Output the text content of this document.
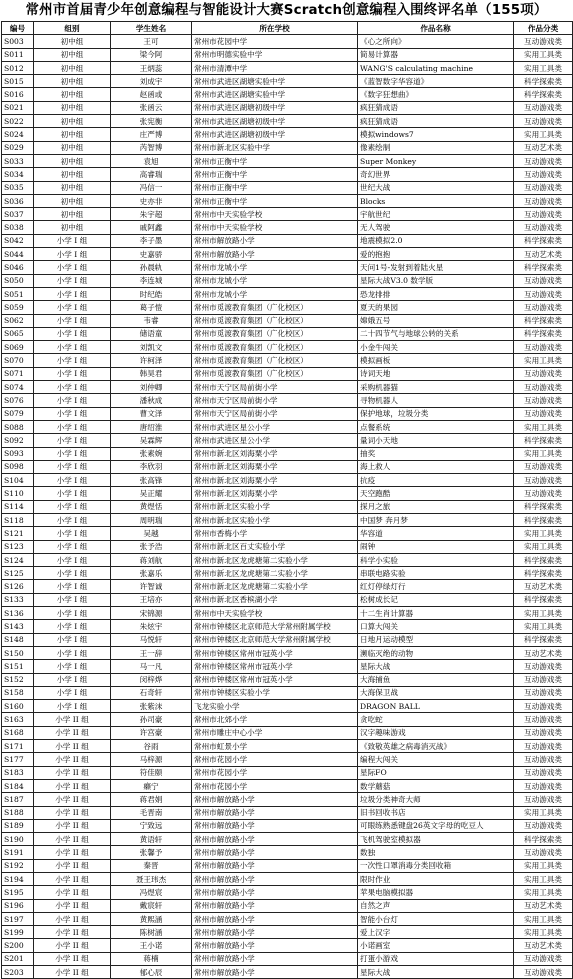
常州市首届青少年创意编程与智能设计大赛Scratch创意编程入围终评名单（155项）
编号	组别	学生姓名	所在学校	作品名称	作品分类
S003	初中组	王可	常州市花园中学	《心之所向》	互动游戏类
S011	初中组	梁今阿	常州市明德实验中学	简易计算器	实用工具类
S012	初中组	王炳蕊	常州市清潭中学	WANG'S calculating machine	实用工具类
S015	初中组	刘成宇	常州市武进区湖塘实验中学	《蓝智数字华容道》	科学探索类
S016	初中组	赵函或	常州市武进区湖塘实验中学	《数字狂想曲》	科学探索类
S021	初中组	张函云	常州市武进区湖塘初级中学	疯狂猜成语	互动游戏类
S022	初中组	张宪衡	常州市武进区湖塘初级中学	疯狂猜成语	互动游戏类
S024	初中组	庄严博	常州市武进区湖塘初级中学	模拟windows7	实用工具类
S029	初中组	芮智博	常州市新北区实验中学	像素绘制	互动艺术类
S033	初中组	袁旭	常州市正衡中学	Super Monkey	互动游戏类
S034	初中组	高睿瑞	常州市正衡中学	奇幻世界	互动游戏类
S035	初中组	冯信一	常州市正衡中学	世纪大战	互动游戏类
S036	初中组	史亦非	常州市正衡中学	Blocks	互动游戏类
S037	初中组	朱宇超	常州市中天实验学校	宇航世纪	互动游戏类
S038	初中组	戚阿鑫	常州市中天实验学校	无人驾驶	互动游戏类
S042	小学 I 组	李子墨	常州市解放路小学	地震模拟2.0	科学探索类
S044	小学 I 组	史嘉骄	常州市解放路小学	爱的抱抱	互动艺术类
S046	小学 I 组	孙晨轨	常州市龙城小学	天问1号-发射到着陆火星	科学探索类
S050	小学 I 组	李连城	常州市龙城小学	星际大战V3.0 数学版	互动游戏类
S051	小学 I 组	时纪皓	常州市龙城小学	恐龙排排	互动游戏类
S059	小学 I 组	葛子愷	常州市觅渡教育集团（广化校区）	夏天的果园	互动游戏类
S062	小学 I 组	韦睿	常州市觅渡教育集团（广化校区）	嫦娥五号	科学探索类
S065	小学 I 组	储语童	常州市觅渡教育集团（广化校区）	二十四节气与地球公转的关系	科学探索类
S069	小学 I 组	刘凯文	常州市觅渡教育集团（广化校区）	小金牛闯关	互动游戏类
S070	小学 I 组	许柯泽	常州市觅渡教育集团（广化校区）	模拟画板	实用工具类
S071	小学 I 组	韩昊君	常州市觅渡教育集团（广化校区）	诗词天地	互动游戏类
S074	小学 I 组	刘仲卿	常州市天宁区局前街小学	采购机器猫	互动游戏类
S076	小学 I 组	潘秋成	常州市天宁区局前街小学	寻物机器人	互动游戏类
S079	小学 I 组	曹文泽	常州市天宁区局前街小学	保护地球，垃圾分类	互动游戏类
S088	小学 I 组	唐绍淮	常州市武进区星公小学	点餐系统	实用工具类
S092	小学 I 组	吴霖辉	常州市武进区星公小学	量词小天地	科学探索类
S093	小学 I 组	张素婉	常州市新北区刘海粟小学	抽奖	实用工具类
S098	小学 I 组	李欣羽	常州市新北区刘海粟小学	海上救人	互动游戏类
S104	小学 I 组	张高锋	常州市新北区刘海粟小学	抗疫	互动游戏类
S110	小学 I 组	吴正耀	常州市新北区刘海粟小学	天空跑酷	互动游戏类
S114	小学 I 组	黄煜恬	常州市新北区实验小学	探月之旅	科学探索类
S118	小学 I 组	周明瑞	常州市新北区实验小学	中国梦 奔月梦	科学探索类
S121	小学 I 组	吴越	常州市香梅小学	华容道	实用工具类
S123	小学 I 组	张予浩	常州市新北区百丈实验小学	闹钟	实用工具类
S124	小学 I 组	蒋刘航	常州市新北区龙虎塘第二实验小学	科学小实验	科学探索类
S125	小学 I 组	张嘉乐	常州市新北区龙虎塘第二实验小学	串联电路实验	科学探索类
S126	小学 I 组	许智诚	常州市新北区龙虎塘第二实验小学	红灯停绿灯行	互动艺术类
S133	小学 I 组	王培亦	常州市新北区香槟湖小学	松树成长记	科学探索类
S136	小学 I 组	宋锦源	常州市中天实验学校	十二生肖计算器	实用工具类
S143	小学 I 组	朱炫宇	常州市钟楼区北京师范大学常州附属学校	口算大闯关	实用工具类
S148	小学 I 组	马悦轩	常州市钟楼区北京师范大学常州附属学校	日地月运动模型	科学探索类
S150	小学 I 组	王一辞	常州市钟楼区常州市冠英小学	濒临灭绝的动物	互动艺术类
S151	小学 I 组	马一凡	常州市钟楼区常州市冠英小学	星际大战	互动游戏类
S152	小学 I 组	闵梓烨	常州市钟楼区常州市冠英小学	大海捕鱼	互动游戏类
S158	小学 I 组	石奇轩	常州市钟楼区实验小学	大海保卫战	互动游戏类
S160	小学 I 组	张紫沫	飞龙实验小学	DRAGON BALL	互动游戏类
S163	小学 II 组	孙司豪	常州市北郊小学	贪吃蛇	互动游戏类
S168	小学 II 组	许宫豪	常州市雕庄中心小学	汉字趣味游戏	互动游戏类
S171	小学 II 组	谷雨	常州市虹景小学	《致敬英雄之病毒消灭战》	互动游戏类
S177	小学 II 组	马梓源	常州市花园小学	编程大闯关	互动游戏类
S183	小学 II 组	符佳颐	常州市花园小学	星际FO	互动游戏类
S184	小学 II 组	癞宁	常州市花园小学	数学蘑菇	互动游戏类
S187	小学 II 组	蒋君娟	常州市解放路小学	垃圾分类神奇大师	互动游戏类
S188	小学 II 组	毛晋南	常州市解放路小学	旧书回收书店	实用工具类
S189	小学 II 组	宁致远	常州市解放路小学	可眼练熟悉键盘26英文字母的吃豆人	互动游戏类
S190	小学 II 组	黄语轩	常州市解放路小学	飞机驾驶室模拟器	科学探索类
S191	小学 II 组	张馨予	常州市解放路小学	数独	互动游戏类
S192	小学 II 组	秦晋	常州市解放路小学	一次性口罩消毒分类回收箱	实用工具类
S194	小学 II 组	聂王玮杰	常州市解放路小学	限时作业	实用工具类
S195	小学 II 组	冯煜宸	常州市解放路小学	苹果电脑模拟器	实用工具类
S196	小学 II 组	戴宸轩	常州市解放路小学	自然之声	互动艺术类
S197	小学 II 组	黄熙涵	常州市解放路小学	智能小台灯	实用工具类
S199	小学 II 组	陈树涵	常州市解放路小学	爱上汉字	实用工具类
S200	小学 II 组	王小诺	常州市解放路小学	小诺画室	互动艺术类
S201	小学 II 组	蒋楠	常州市解放路小学	打蛋小游戏	互动游戏类
S203	小学 II 组	郁心辰	常州市解放路小学	星际大战	互动游戏类
